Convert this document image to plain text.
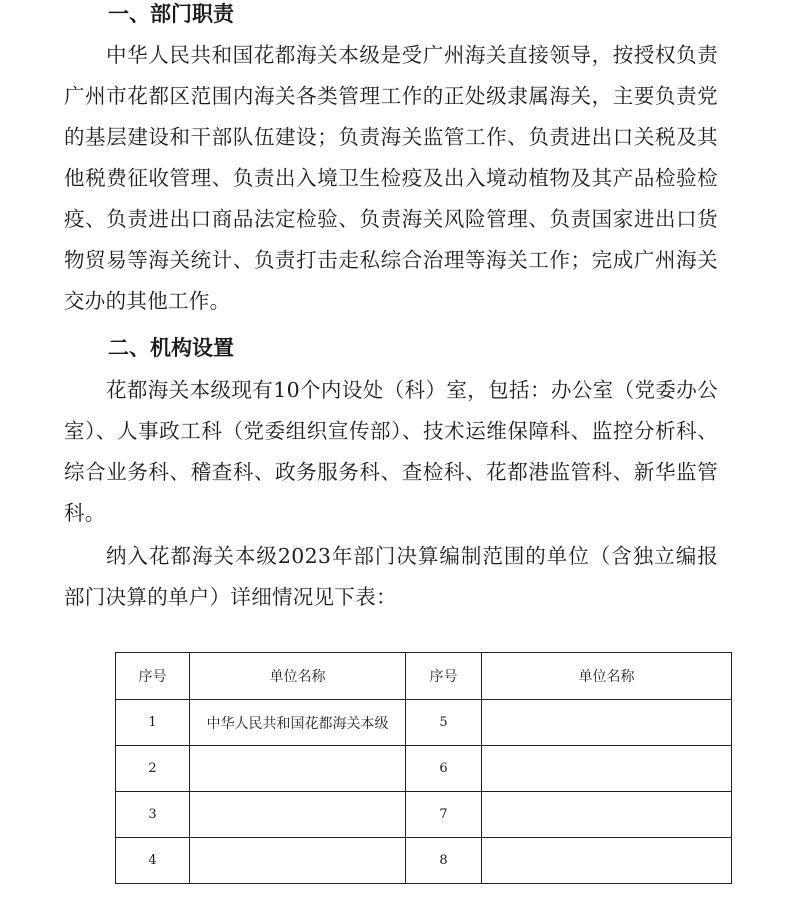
一、部门职责

中华人民共和国花都海关本级是受广州海关直接领导，按授权负责广州市花都区范围内海关各类管理工作的正处级隶属海关，主要负责党的基层建设和干部队伍建设；负责海关监管工作、负责进出口关税及其他税费征收管理、负责出入境卫生检疫及出入境动植物及其产品检验检疫、负责进出口商品法定检验、负责海关风险管理、负责国家进出口货物贸易等海关统计、负责打击走私综合治理等海关工作；完成广州海关交办的其他工作。

二、机构设置

花都海关本级现有10个内设处（科）室，包括：办公室（党委办公室）、人事政工科（党委组织宣传部）、技术运维保障科、监控分析科、综合业务科、稽查科、政务服务科、查检科、花都港监管科、新华监管科。

纳入花都海关本级2023年部门决算编制范围的单位（含独立编报部门决算的单户）详细情况见下表：

序号	单位名称	序号	单位名称
1	中华人民共和国花都海关本级	5	
2		6	
3		7	
4		8	
